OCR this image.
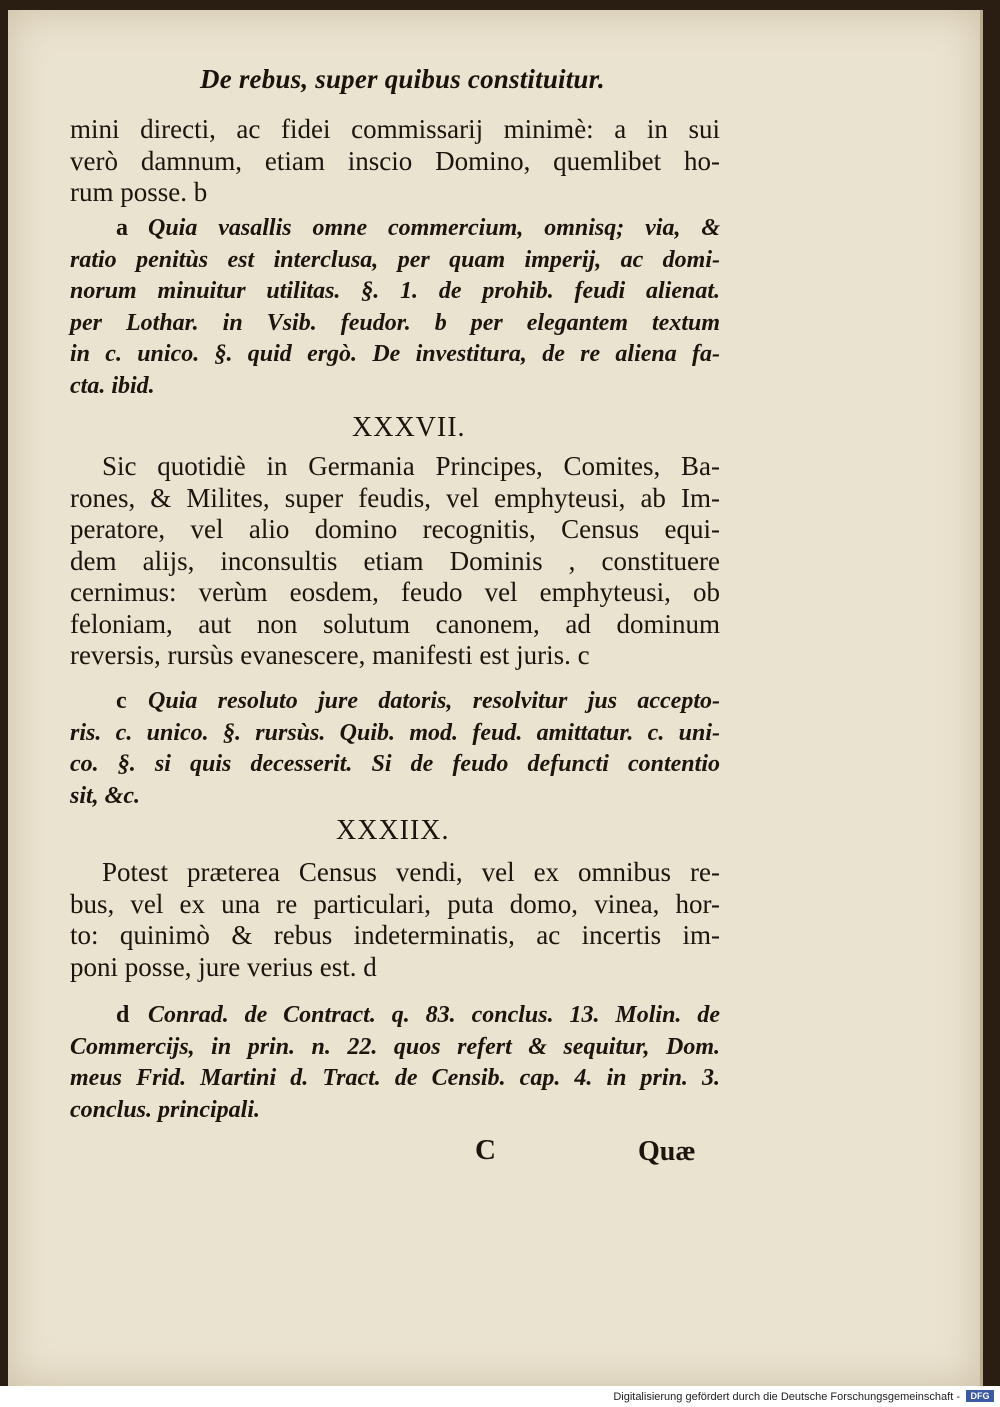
De rebus, super quibus constituitur.
mini directi, ac fidei commissarij minimè: a in sui
verò damnum, etiam inscio Domino, quemlibet ho-
rum posse. b
a Quia vasallis omne commercium, omnisq; via, &
ratio penitùs est interclusa, per quam imperij, ac domi-
norum minuitur utilitas. §. 1. de prohib. feudi alienat.
per Lothar. in Vsib. feudor. b per elegantem textum
in c. unico. §. quid ergò. De investitura, de re aliena fa-
cta. ibid.
XXXVII.
Sic quotidiè in Germania Principes, Comites, Ba-
rones, & Milites, super feudis, vel emphyteusi, ab Im-
peratore, vel alio domino recognitis, Census equi-
dem alijs, inconsultis etiam Dominis , constituere
cernimus: verùm eosdem, feudo vel emphyteusi, ob
feloniam, aut non solutum canonem, ad dominum
reversis, rursùs evanescere, manifesti est juris. c
c Quia resoluto jure datoris, resolvitur jus accepto-
ris. c. unico. §. rursùs. Quib. mod. feud. amittatur. c. uni-
co. §. si quis decesserit. Si de feudo defuncti contentio
sit, &c.
XXXIIX.
Potest præterea Census vendi, vel ex omnibus re-
bus, vel ex una re particulari, puta domo, vinea, hor-
to: quinimò & rebus indeterminatis, ac incertis im-
poni posse, jure verius est. d
d Conrad. de Contract. q. 83. conclus. 13. Molin. de
Commercijs, in prin. n. 22. quos refert & sequitur, Dom.
meus Frid. Martini d. Tract. de Censib. cap. 4. in prin. 3.
conclus. principali.
C	Quæ
Digitalisierung gefördert durch die Deutsche Forschungsgemeinschaft -	DFG
